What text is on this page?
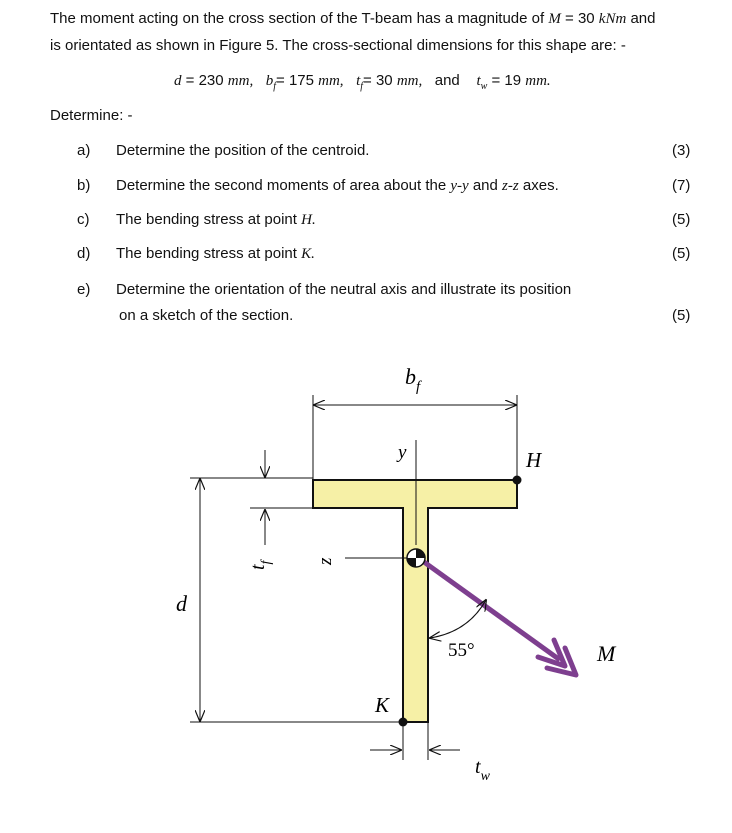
The moment acting on the cross section of the T-beam has a magnitude of M = 30 kNm and
is orientated as shown in Figure 5. The cross-sectional dimensions for this shape are: -
d = 230 mm, $b_f= 175$ mm, $t_f= 30$ mm, and $t_w = 19$ mm.
Determine: -
a) Determine the position of the centroid.	(3)
b) Determine the second moments of area about the y-y and z-z axes.	(7)
c) The bending stress at point H.	(5)
d) The bending stress at point K.	(5)
e) Determine the orientation of the neutral axis and illustrate its position
on a sketch of the section.	(5)
$b_f$
y
z
H
K
d
$t_f$
$t_w$
55°	M
